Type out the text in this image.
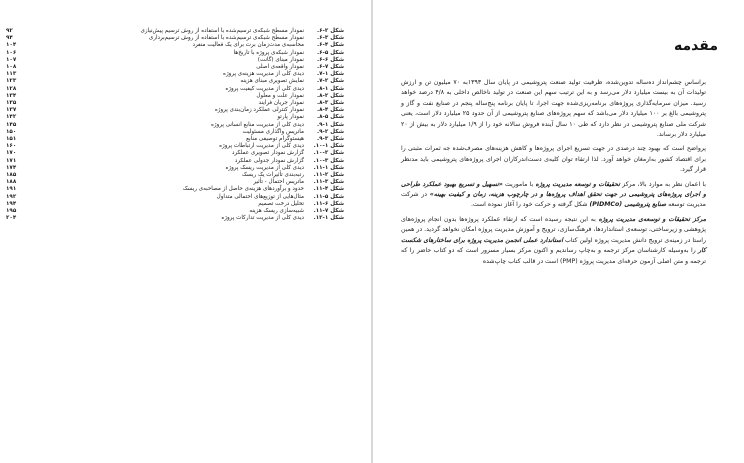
شکل ۲-۶.
نمودار مسطح شبکه‌ی ترسیم‌شده با استفاده از روش ترسیم پیش‌نیازی
۹۲
شکل ۳-۶.
نمودار مسطح شبکه‌ی ترسیم‌شده با استفاده از روش ترسیم‌برداری
۹۴
شکل ۴-۶.
محاسبه‌ی مدت‌زمان برت برای یک فعالیت منفرد
۱۰۴
شکل ۵-۶.
نمودار شبکه‌ی پروژه با تاریخ‌ها
۱۰۶
شکل ۶-۶.
نمودار مبنای (گانت)
۱۰۷
شکل ۷-۶.
نمودار واقعه‌ی اصلی
۱۰۸
شکل ۱-۷.
دیدی کلی از مدیریت هزینه‌ی پروژه
۱۱۳
شکل ۲-۷.
نمایش تصویری مبنای هزینه
۱۲۳
شکل ۱-۸.
دیدی کلی از مدیریت کیفیت پروژه
۱۲۸
شکل ۲-۸.
نمودار علت و معلول
۱۳۴
شکل ۳-۸.
نمودار جریان فرایند
۱۳۵
شکل ۴-۸.
نمودار کنترلی عملکرد زمان‌بندی پروژه
۱۳۷
شکل ۵-۸.
نمودار پارتو
۱۴۲
شکل ۱-۹.
دیدی کلی از مدیریت منابع انسانی پروژه
۱۴۵
شکل ۲-۹.
ماتریس واگذاری مسئولیت
۱۵۰
شکل ۳-۹.
هیستوگرام توصیفی منابع
۱۵۱
شکل ۱-۱۰.
دیدی کلی از مدیریت ارتباطات پروژه
۱۶۰
شکل ۲-۱۰.
گزارش نمودار تصویری عملکرد
۱۷۰
شکل ۳-۱۰.
گزارش نمودار جدولی عملکرد
۱۷۱
شکل ۱-۱۱.
دیدی کلی از مدیریت ریسک پروژه
۱۷۴
شکل ۲-۱۱.
رتبه‌بندی تأثیرات یک ریسک
۱۸۵
شکل ۳-۱۱.
ماتریس احتمال - تأثیر
۱۸۸
شکل ۴-۱۱.
حدود و برآوردهای هزینه‌ی حاصل از مصاحبه‌ی ریسک
۱۹۱
شکل ۵-۱۱.
مثال‌هایی از توزیع‌های احتمالی متداول
۱۹۲
شکل ۶-۱۱.
تحلیل درخت تصمیم
۱۹۴
شکل ۷-۱۱.
شبیه‌سازی ریسک هزینه
۱۹۵
شکل ۱-۱۲.
دیدی کلی از مدیریت تدارکات پروژه
۲۰۴
مقدمه

براساس چشم‌انداز ده‌ساله تدوین‌شده، ظرفیت تولید صنعت پتروشیمی در پایان سال ۱۳۹۳به ۷۰ میلیون تن و ارزش تولیدات آن به بیست میلیارد دلار می‌رسد و به این ترتیب سهم این صنعت در تولید ناخالص داخلی به ۴/۸ درصد خواهد رسید. میزان سرمایه‌گذاری پروژه‌های برنامه‌ریزی‌شده جهت اجرا، تا پایان برنامه پنج‌ساله پنجم در صنایع نفت و گاز و پتروشیمی بالغ بر ۱۰۰ میلیارد دلار می‌باشد که سهم پروژه‌های صنایع پتروشیمی از آن حدود ۲۵ میلیارد دلار است، یعنی شرکت ملی صنایع پتروشیمی در نظر دارد که طی ۱۰ سال آینده فروش سالانه خود را از ۱/۹ میلیارد دلار به بیش از ۲۰ میلیارد دلار برساند.

پرواضح است که بهبود چند درصدی در جهت تسریع اجرای پروژه‌ها و کاهش هزینه‌های مصرف‌شده جه ثمرات مثبتی را برای اقتصاد کشور به‌ارمغان خواهد آورد. لذا ارتقاء توان کلیه‌ی دست‌اندرکاران اجرای پروژه‌های پتروشیمی باید مدنظر قرار گیرد.

با اعمان نظر به موارد بالا، مرکز تحقیقات و توسعه مدیریت پروژه با ماموریت «تسهیل و تسریع بهبود عملکرد طراحی و اجرای پروژه‌های پتروشیمی در جهت تحقق اهداف پروژه‌ها و در چارچوب هزینه، زمان و کیفیت بهینه» در شرکت مدیریت توسعه صنایع پتروشیمی (PIDMCo) شکل گرفته و حرکت خود را آغاز نموده است.

مرکز تحقیقات و توسعه‌ی مدیریت پروژه به این نتیجه رسیده است که ارتقاء عملکرد پروژه‌ها بدون انجام پروژه‌های پژوهشی و زیرساختی، توسعه‌ی استانداردها، فرهنگ‌سازی، ترویج و آموزش مدیریت پروژه امکان نخواهد گردید. در همین راستا در زمینه‌ی ترویج دانش مدیریت پروژه اولین کتاب استاندارد عملی انجمن مدیریت پروژه برای ساختارهای شکست کار را به‌وسیله کارشناسان مرکز ترجمه و به‌چاپ رساندیم و اکنون مرکز بسیار مسرور است که دو کتاب حاضر را که ترجمه و متن اصلی آزمون حرفه‌ای مدیریت پروژه (PMP) است در قالب کتاب چاپ‌شده
